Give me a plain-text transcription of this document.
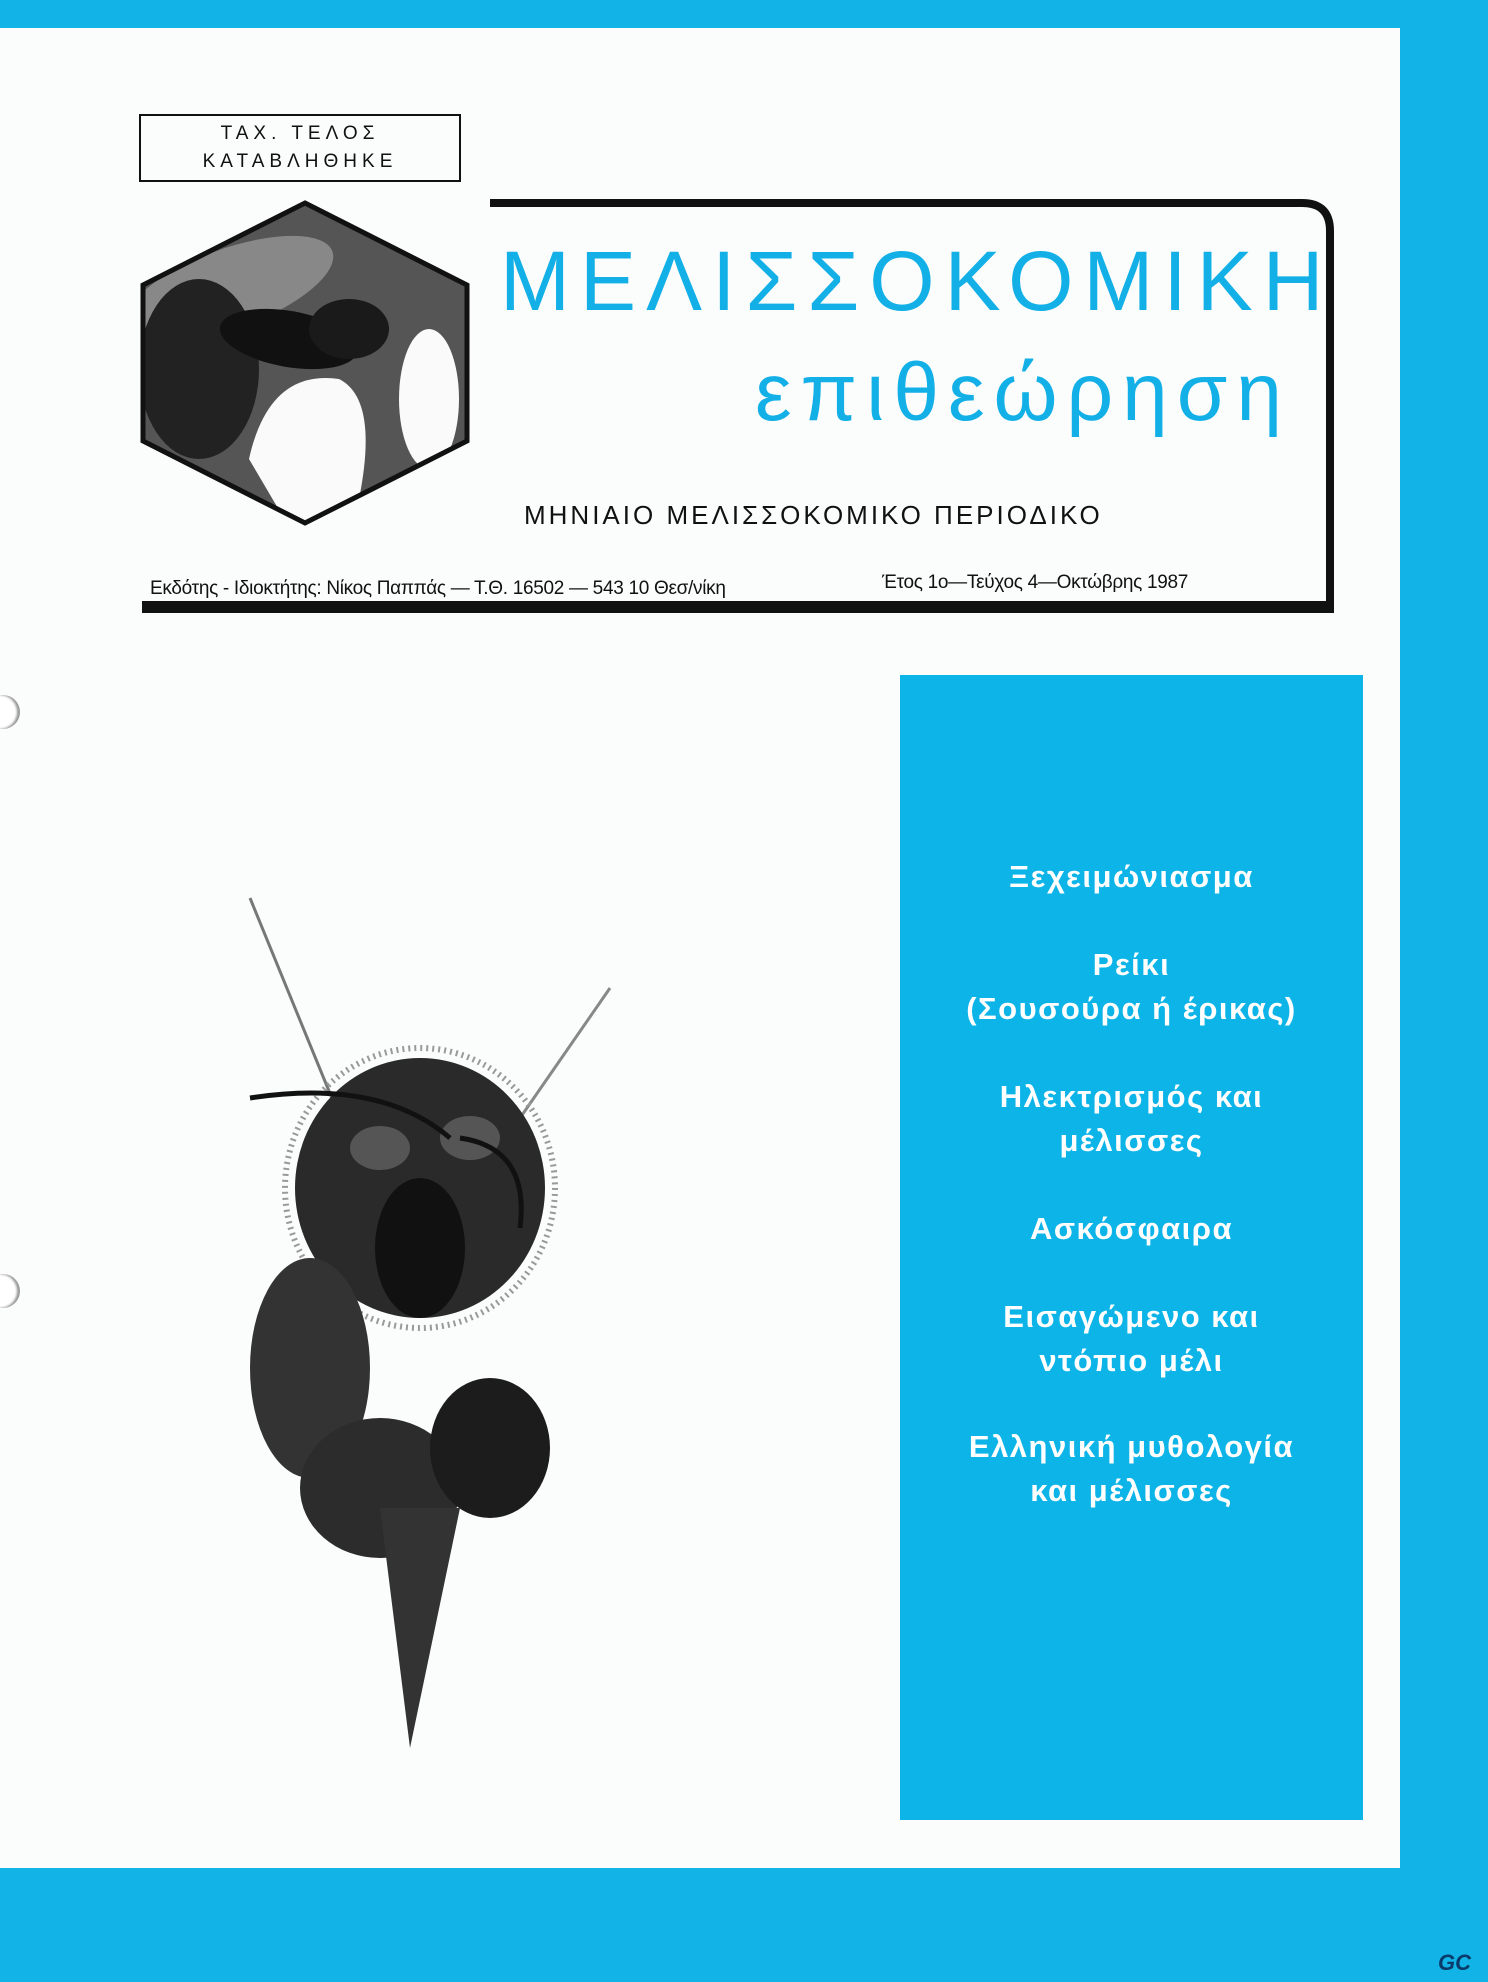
ΤΑΧ. ΤΕΛΟΣ
ΚΑΤΑΒΛΗΘΗΚΕ
ΜΕΛΙΣΣΟΚΟΜΙΚΗ
επιθεώρηση
ΜΗΝΙΑΙΟ ΜΕΛΙΣΣΟΚΟΜΙΚΟ ΠΕΡΙΟΔΙΚΟ
Εκδότης - Ιδιοκτήτης: Νίκος Παππάς — Τ.Θ. 16502 — 543 10 Θεσ/νίκη	Έτος 1ο—Τεύχος 4—Οκτώβρης 1987
Ξεχειμώνιασμα
Ρείκι
(Σουσούρα ή έρικας)
Ηλεκτρισμός και
μέλισσες
Ασκόσφαιρα
Εισαγώμενο και
ντόπιο μέλι
Ελληνική μυθολογία
και μέλισσες
GC
